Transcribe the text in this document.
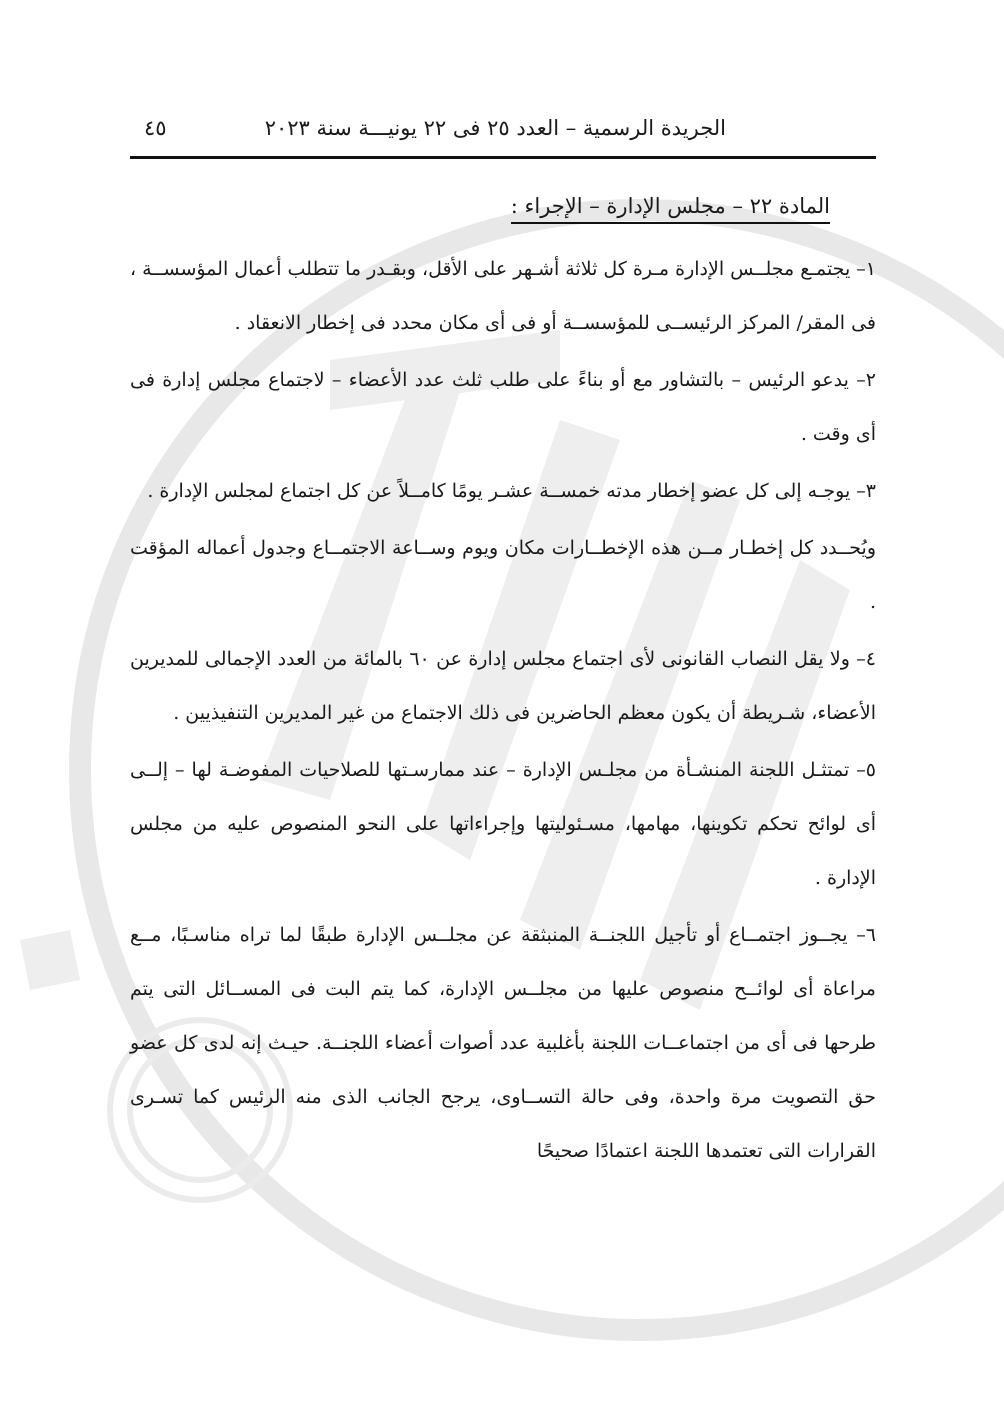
الجريدة الرسمية – العدد ٢٥ فى ٢٢ يونيـــة سنة ٢٠٢٣
٤٥
المادة ٢٢ – مجلس الإدارة – الإجراء :

١– يجتمـع مجلــس الإدارة مـرة كل ثلاثة أشـهر على الأقل، وبقـدر ما تتطلب أعمال المؤسســة ، فى المقر/ المركز الرئيســى للمؤسســة أو فى أى مكان محدد فى إخطار الانعقاد .

٢– يدعو الرئيس – بالتشاور مع أو بناءً على طلب ثلث عدد الأعضاء – لاجتماع مجلس إدارة فى أى وقت .

٣– يوجـه إلى كل عضو إخطار مدته خمســة عشـر يومًا كامــلاً عن كل اجتماع لمجلس الإدارة .

ويُحــدد كل إخطـار مــن هذه الإخطــارات مكان ويوم وســاعة الاجتمــاع وجدول أعماله المؤقت .

٤– ولا يقل النصاب القانونى لأى اجتماع مجلس إدارة عن ٦٠ بالمائة من العدد الإجمالى للمديرين الأعضاء، شـريطة أن يكون معظم الحاضرين فى ذلك الاجتماع من غير المديرين التنفيذيين .

٥– تمتثـل اللجنة المنشـأة من مجلـس الإدارة – عند ممارسـتها للصلاحيات المفوضـة لها – إلــى أى لوائح تحكم تكوينها، مهامها، مسـئوليتها وإجراءاتها على النحو المنصوص عليه من مجلس الإدارة .

٦– يجــوز اجتمــاع أو تأجيل اللجنــة المنبثقة عن مجلــس الإدارة طبقًا لما تراه مناسـبًا، مــع مراعاة أى لوائــح منصوص عليها من مجلــس الإدارة، كما يتم البت فى المســائل التى يتم طرحها فى أى من اجتماعــات اللجنة بأغلبية عدد أصوات أعضاء اللجنــة. حيـث إنه لدى كل عضو حق التصويت مرة واحدة، وفى حالة التســاوى، يرجح الجانب الذى منه الرئيس كما تسـرى القرارات التى تعتمدها اللجنة اعتمادًا صحيحًا
